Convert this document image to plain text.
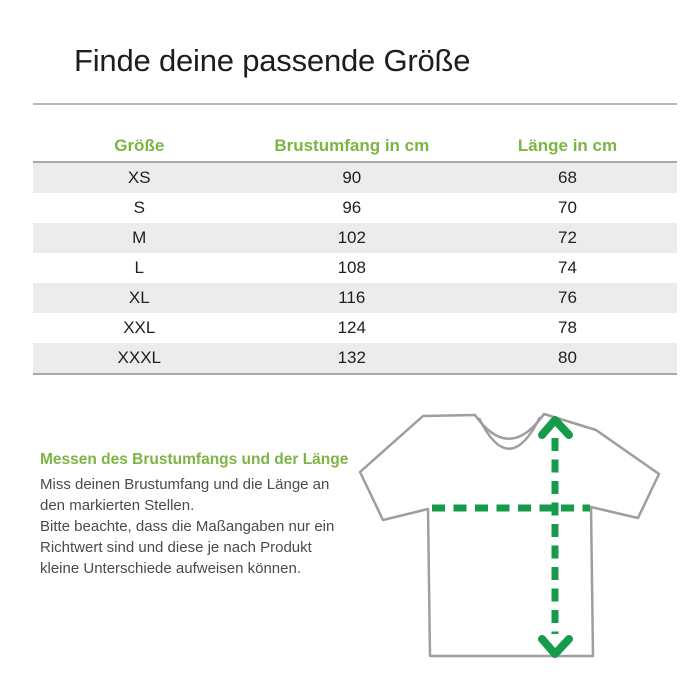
Finde deine passende Größe
Größe	Brustumfang in cm	Länge in cm
XS	90	68
S	96	70
M	102	72
L	108	74
XL	116	76
XXL	124	78
XXXL	132	80
Messen des Brustumfangs und der Länge

Miss deinen Brustumfang und die Länge an den markierten Stellen.

Bitte beachte, dass die Maßangaben nur ein Richtwert sind und diese je nach Produkt kleine Unterschiede aufweisen können.
